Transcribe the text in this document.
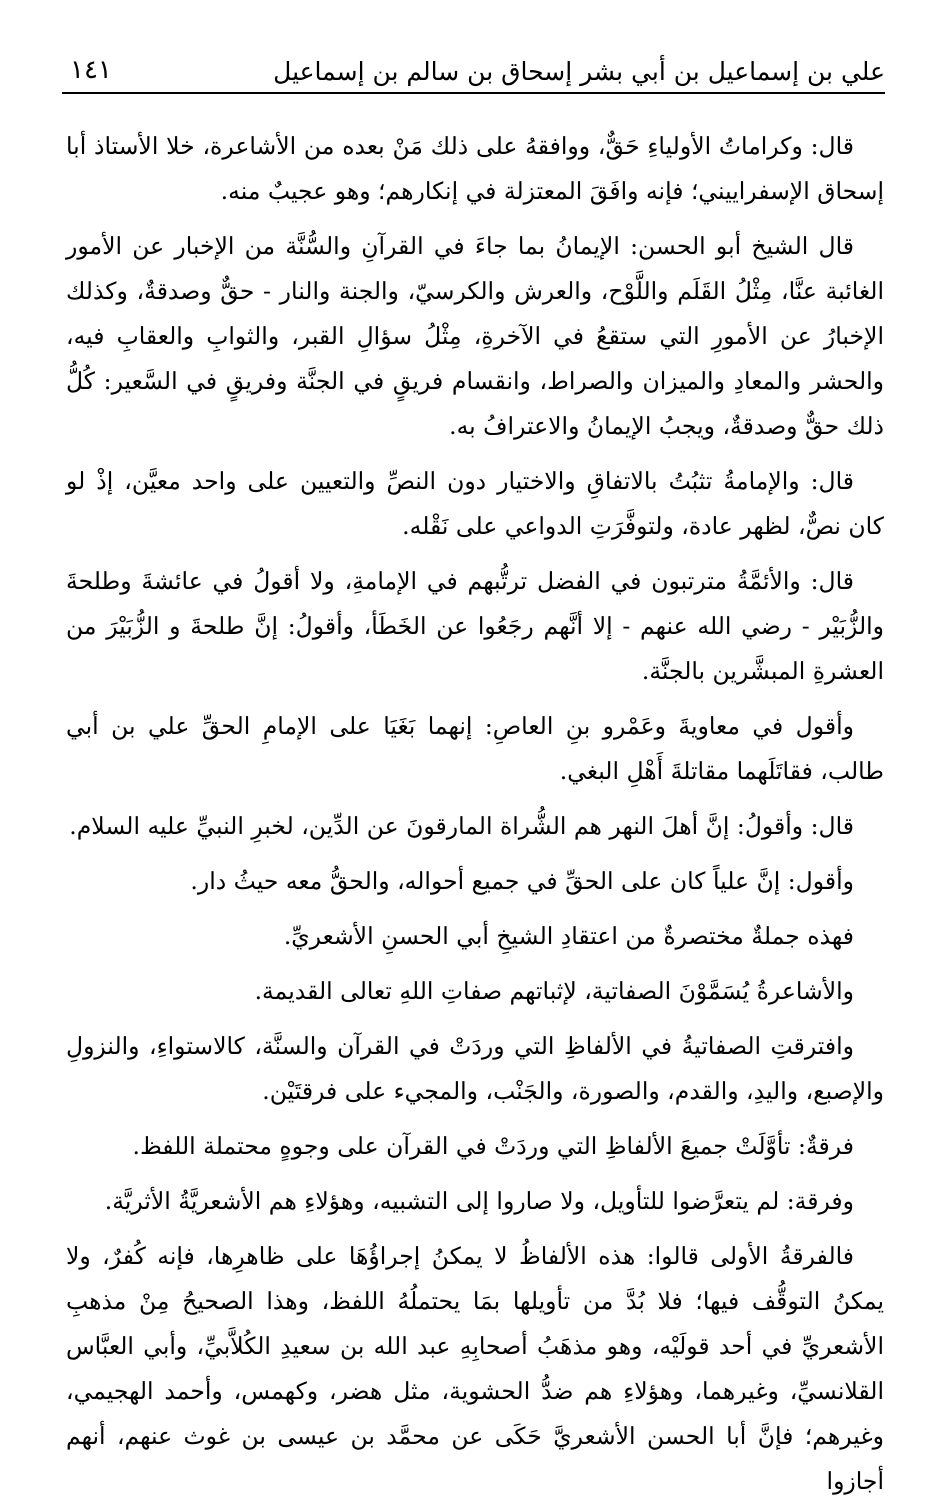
علي بن إسماعيل بن أبي بشر إسحاق بن سالم بن إسماعيل
١٤١

قال: وكراماتُ الأولياءِ حَقٌّ، ووافقهُ على ذلك مَنْ بعده من الأشاعرة، خلا الأستاذ أبا إسحاق الإسفراييني؛ فإنه وافَقَ المعتزلة في إنكارهم؛ وهو عجيبٌ منه.

قال الشيخ أبو الحسن: الإيمانُ بما جاءَ في القرآنِ والسُّنَّة من الإخبار عن الأمور الغائبة عنَّا، مِثْلُ القَلَم واللَّوْح، والعرش والكرسيّ، والجنة والنار - حقٌّ وصدقةٌ، وكذلك الإخبارُ عن الأمورِ التي ستقعُ في الآخرةِ، مِثْلُ سؤالِ القبر، والثوابِ والعقابِ فيه، والحشر والمعادِ والميزان والصراط، وانقسام فريقٍ في الجنَّة وفريقٍ في السَّعير: كُلُّ ذلك حقٌّ وصدقةٌ، ويجبُ الإيمانُ والاعترافُ به.

قال: والإمامةُ تثبُتُ بالاتفاقِ والاختيار دون النصِّ والتعيين على واحد معيَّن، إذْ لو كان نصٌّ، لظهر عادة، ولتوفَّرَتِ الدواعي على نَقْله.

قال: والأئمَّةُ مترتبون في الفضل ترتُّبهم في الإمامةِ، ولا أقولُ في عائشةَ وطلحةَ والزُّبَيْر - رضي الله عنهم - إلا أنَّهم رجَعُوا عن الخَطَأ، وأقولُ: إنَّ طلحةَ و الزُّبَيْرَ من العشرةِ المبشَّرين بالجنَّة.

وأقول في معاويةَ وعَمْرو بنِ العاصِ: إنهما بَغَيَا على الإمامِ الحقِّ علي بن أبي طالب، فقاتَلَهما مقاتلةَ أَهْلِ البغي.

قال: وأقولُ: إنَّ أهلَ النهر هم الشُّراة المارقونَ عن الدِّين، لخبرِ النبيِّ عليه السلام.

وأقول: إنَّ علياً كان على الحقِّ في جميع أحواله، والحقُّ معه حيثُ دار.

فهذه جملةٌ مختصرةٌ من اعتقادِ الشيخِ أبي الحسنِ الأشعريِّ.

والأشاعرةُ يُسَمَّوْنَ الصفاتية، لإثباتهم صفاتِ اللهِ تعالى القديمة.

وافترقتِ الصفاتيةُ في الألفاظِ التي وردَتْ في القرآن والسنَّة، كالاستواءِ، والنزولِ والإصبع، واليدِ، والقدم، والصورة، والجَنْب، والمجيء على فرقتَيْن.

فرقةٌ: تأوَّلَتْ جميعَ الألفاظِ التي وردَتْ في القرآن على وجوهٍ محتملة اللفظ.

وفرقة: لم يتعرَّضوا للتأويل، ولا صاروا إلى التشبيه، وهؤلاءِ هم الأشعريَّةُ الأثريَّة.

فالفرقةُ الأولى قالوا: هذه الألفاظُ لا يمكنُ إجراؤُهَا على ظاهرِها، فإنه كُفرٌ، ولا يمكنُ التوقُّف فيها؛ فلا بُدَّ من تأويلها بمَا يحتملُهُ اللفظ، وهذا الصحيحُ مِنْ مذهبِ الأشعريِّ في أحد قولَيْه، وهو مذهَبُ أصحابِهِ عبد الله بن سعيدِ الكُلاَّبيِّ، وأبي العبَّاس القلانسيِّ، وغيرهما، وهؤلاءِ هم ضدُّ الحشوية، مثل هضر، وكهمس، وأحمد الهجيمي، وغيرهم؛ فإنَّ أبا الحسن الأشعريَّ حَكَى عن محمَّد بن عيسى بن غوث عنهم، أنهم أجازوا
